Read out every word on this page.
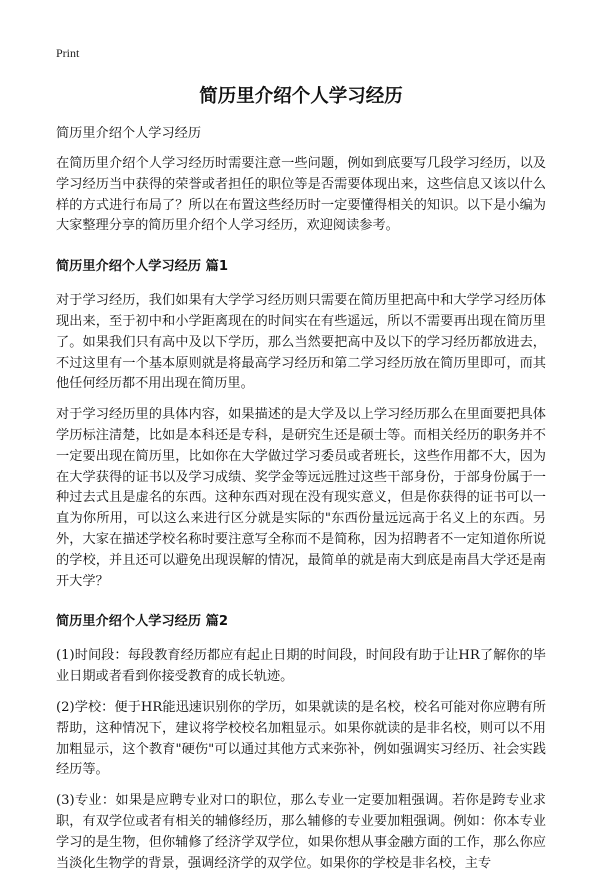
Print
简历里介绍个人学习经历

简历里介绍个人学习经历

在简历里介绍个人学习经历时需要注意一些问题，例如到底要写几段学习经历，以及学习经历当中获得的荣誉或者担任的职位等是否需要体现出来，这些信息又该以什么样的方式进行布局了？所以在布置这些经历时一定要懂得相关的知识。以下是小编为大家整理分享的简历里介绍个人学习经历，欢迎阅读参考。

简历里介绍个人学习经历 篇1

对于学习经历，我们如果有大学学习经历则只需要在简历里把高中和大学学习经历体现出来，至于初中和小学距离现在的时间实在有些遥远，所以不需要再出现在简历里了。如果我们只有高中及以下学历，那么当然要把高中及以下的学习经历都放进去，不过这里有一个基本原则就是将最高学习经历和第二学习经历放在简历里即可，而其他任何经历都不用出现在简历里。

对于学习经历里的具体内容，如果描述的是大学及以上学习经历那么在里面要把具体学历标注清楚，比如是本科还是专科，是研究生还是硕士等。而相关经历的职务并不一定要出现在简历里，比如你在大学做过学习委员或者班长，这些作用都不大，因为在大学获得的证书以及学习成绩、奖学金等远远胜过这些干部身份，于部身份属于一种过去式且是虚名的东西。这种东西对现在没有现实意义，但是你获得的证书可以一直为你所用，可以这么来进行区分就是实际的"东西份量远远高于名义上的东西。另外，大家在描述学校名称时要注意写全称而不是简称，因为招聘者不一定知道你所说的学校，并且还可以避免出现误解的情况，最简单的就是南大到底是南昌大学还是南开大学？

简历里介绍个人学习经历 篇2

(1)时间段：每段教育经历都应有起止日期的时间段，时间段有助于让HR了解你的毕业日期或者看到你接受教育的成长轨迹。

(2)学校：便于HR能迅速识别你的学历，如果就读的是名校，校名可能对你应聘有所帮助，这种情况下，建议将学校校名加粗显示。如果你就读的是非名校，则可以不用加粗显示，这个教育"硬伤"可以通过其他方式来弥补，例如强调实习经历、社会实践经历等。

(3)专业：如果是应聘专业对口的职位，那么专业一定要加粗强调。若你是跨专业求职，有双学位或者有相关的辅修经历，那么辅修的专业要加粗强调。例如：你本专业学习的是生物，但你辅修了经济学双学位，如果你想从事金融方面的工作，那么你应当淡化生物学的背景，强调经济学的双学位。如果你的学校是非名校，主专
